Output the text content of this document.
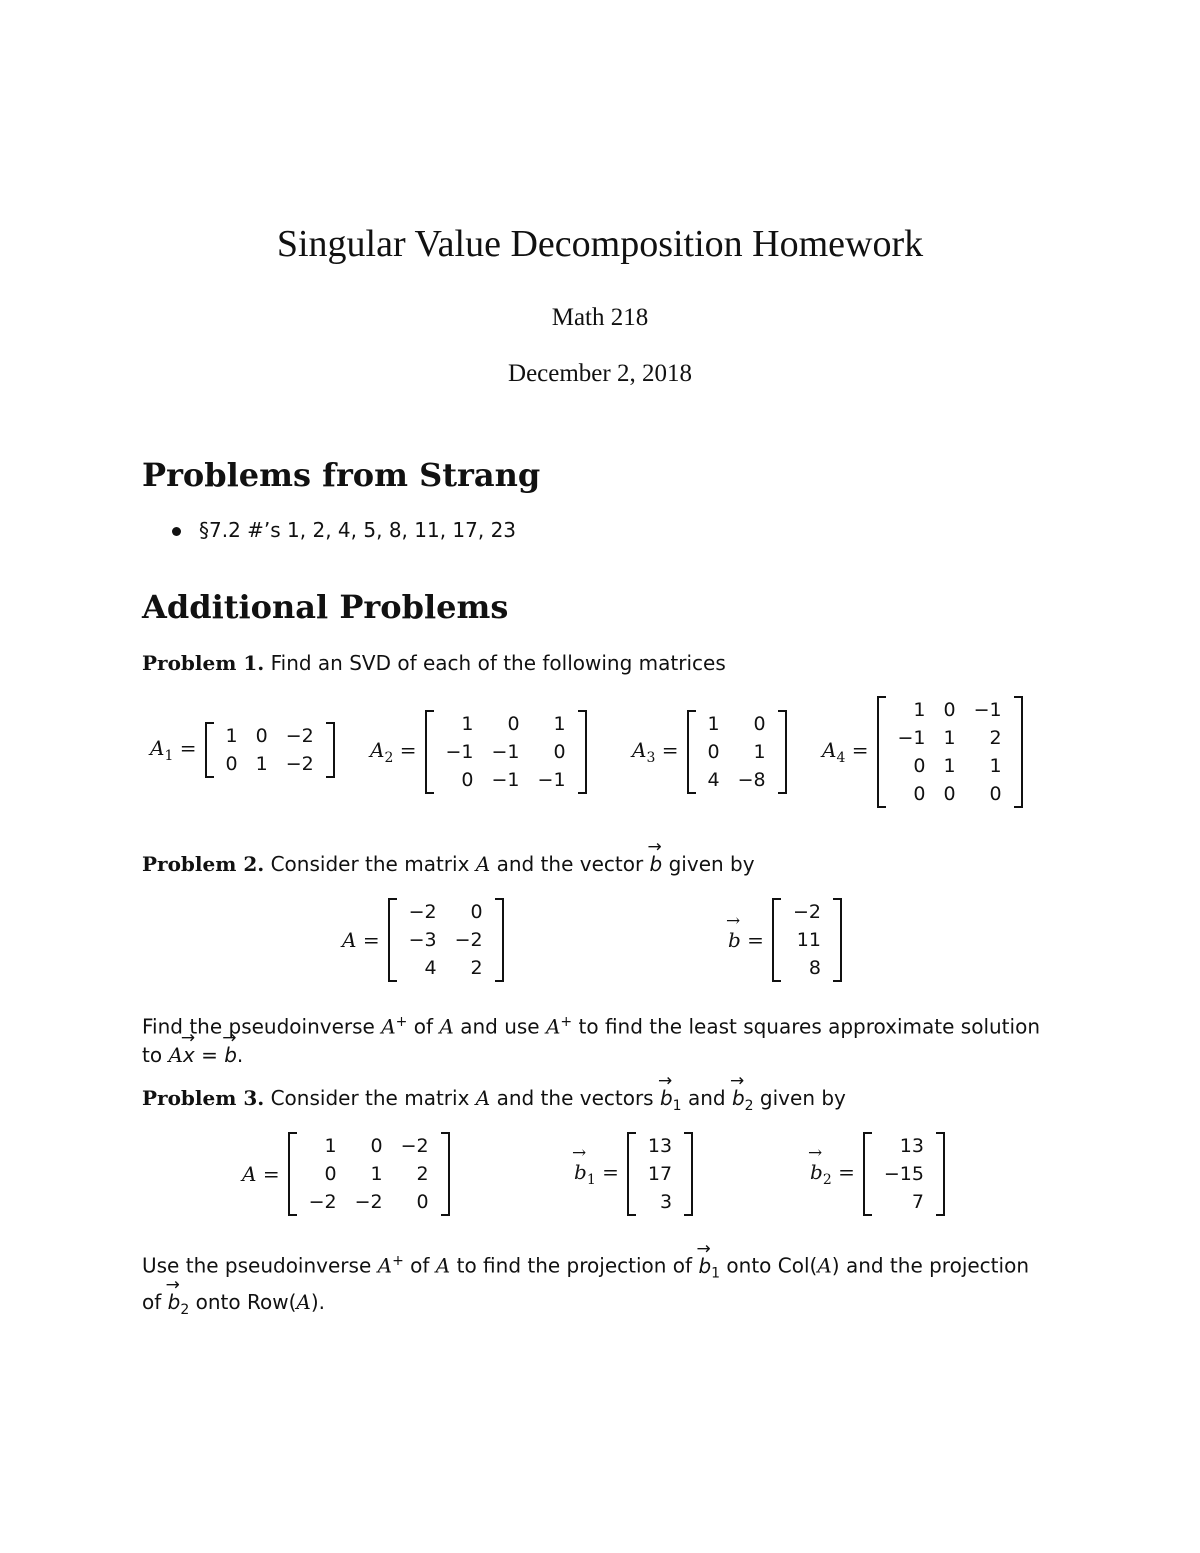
Singular Value Decomposition Homework
Math 218
December 2, 2018
Problems from Strang
§7.2 #’s 1, 2, 4, 5, 8, 11, 17, 23
Additional Problems
Problem 1. Find an SVD of each of the following matrices
$A_1 = 1$	0	−2
0	1	−2
$A_2$ =
1	0	1
−1	−1	0
0	−1	−1
$A_3$ =
1	0
0	1
4	−8
$A_4$ =
1	0	−1
−1	1	2
0	1	1
0	0	0
Problem 2. Consider the matrix A and the vector → b given by
A =
−2	0
−3	−2
4	2
→ b =
−2
11
8
Find the pseudoinverse A+ of A and use A+ to find the least squares approximate solution
to A→ x = → b.
Problem 3. Consider the matrix A and the vectors → $b_1$ and → $b_2$ given by
A =
1	0	−2
0	1	2
−2	−2	0
→ $b_1$ =
13
17
3
→ $b_2$ =
13
−15
7
Use the pseudoinverse A+ of A to find the projection of → $b_1$ onto Col(A) and the projection
of → $b_2$ onto Row(A).
